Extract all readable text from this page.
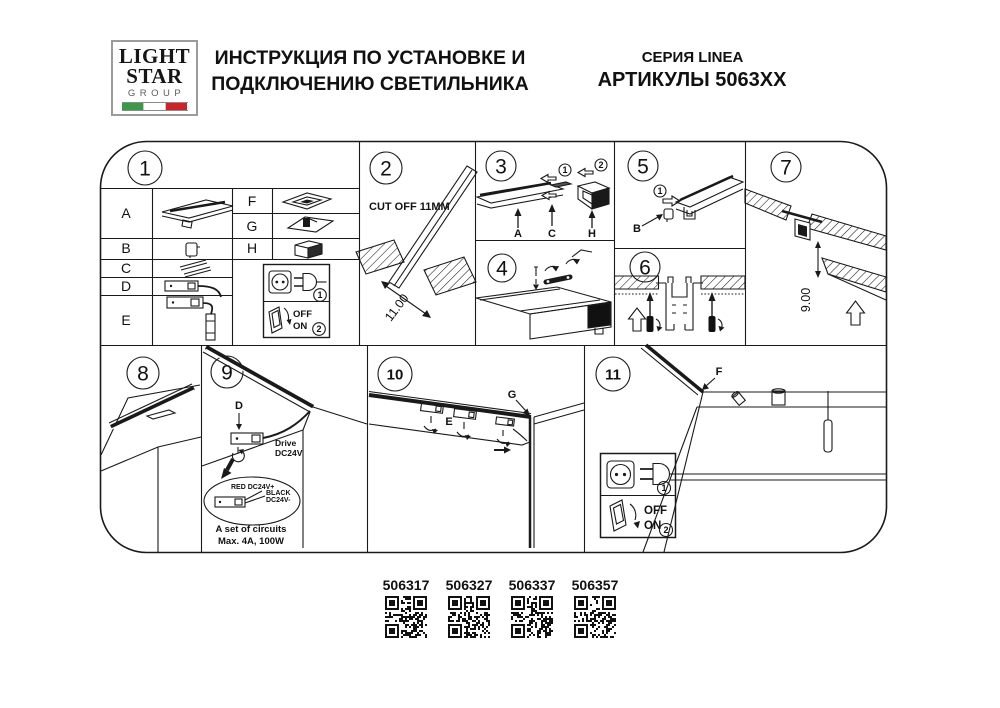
LIGHT
STAR
GROUP
ИНСТРУКЦИЯ ПО УСТАНОВКЕ И
ПОДКЛЮЧЕНИЮ СВЕТИЛЬНИКА
СЕРИЯ LINEA
АРТИКУЛЫ 5063XX
1
A
B
C
D
E
F
G
H
1
OFF
ON 2
2
CUT OFF 11MM
11.00
3	1	2
A C	H
4
5
1
B
6
7
9.00
8	9
D
Drive
DC24V
RED DC24V+
BLACK
DC24V-
A set of circuits
Max. 4A, 100W
10
E
G
11	F
1
OFF
ON 2
506317	506327	506337	506357
